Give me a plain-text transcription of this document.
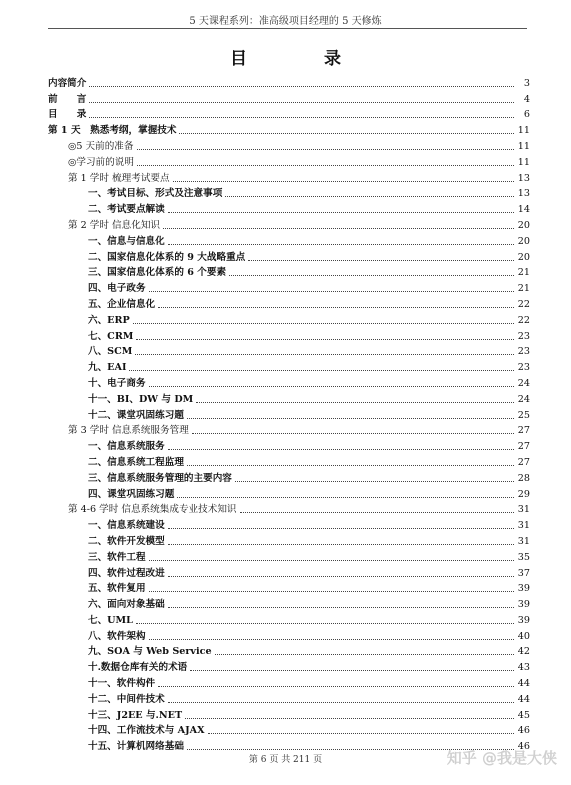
5 天课程系列：准高级项目经理的 5 天修炼
目　录
内容简介	3
前　　言	4
目　　录	6
第 1 天　熟悉考纲，掌握技术	11
◎5 天前的准备	11
◎学习前的说明	11
第 1 学时 梳理考试要点	13
一、考试目标、形式及注意事项	13
二、考试要点解读	14
第 2 学时 信息化知识	20
一、信息与信息化	20
二、国家信息化体系的 9 大战略重点	20
三、国家信息化体系的 6 个要素	21
四、电子政务	21
五、企业信息化	22
六、ERP	22
七、CRM	23
八、SCM	23
九、EAI	23
十、电子商务	24
十一、BI、DW 与 DM	24
十二、课堂巩固练习题	25
第 3 学时 信息系统服务管理	27
一、信息系统服务	27
二、信息系统工程监理	27
三、信息系统服务管理的主要内容	28
四、课堂巩固练习题	29
第 4-6 学时 信息系统集成专业技术知识	31
一、信息系统建设	31
二、软件开发模型	31
三、软件工程	35
四、软件过程改进	37
五、软件复用	39
六、面向对象基础	39
七、UML	39
八、软件架构	40
九、SOA 与 Web Service	42
十.数据仓库有关的术语	43
十一、软件构件	44
十二、中间件技术	44
十三、J2EE 与.NET	45
十四、工作流技术与 AJAX	46
十五、计算机网络基础	46
第 6 页 共 211 页	知乎 @我是大侠
